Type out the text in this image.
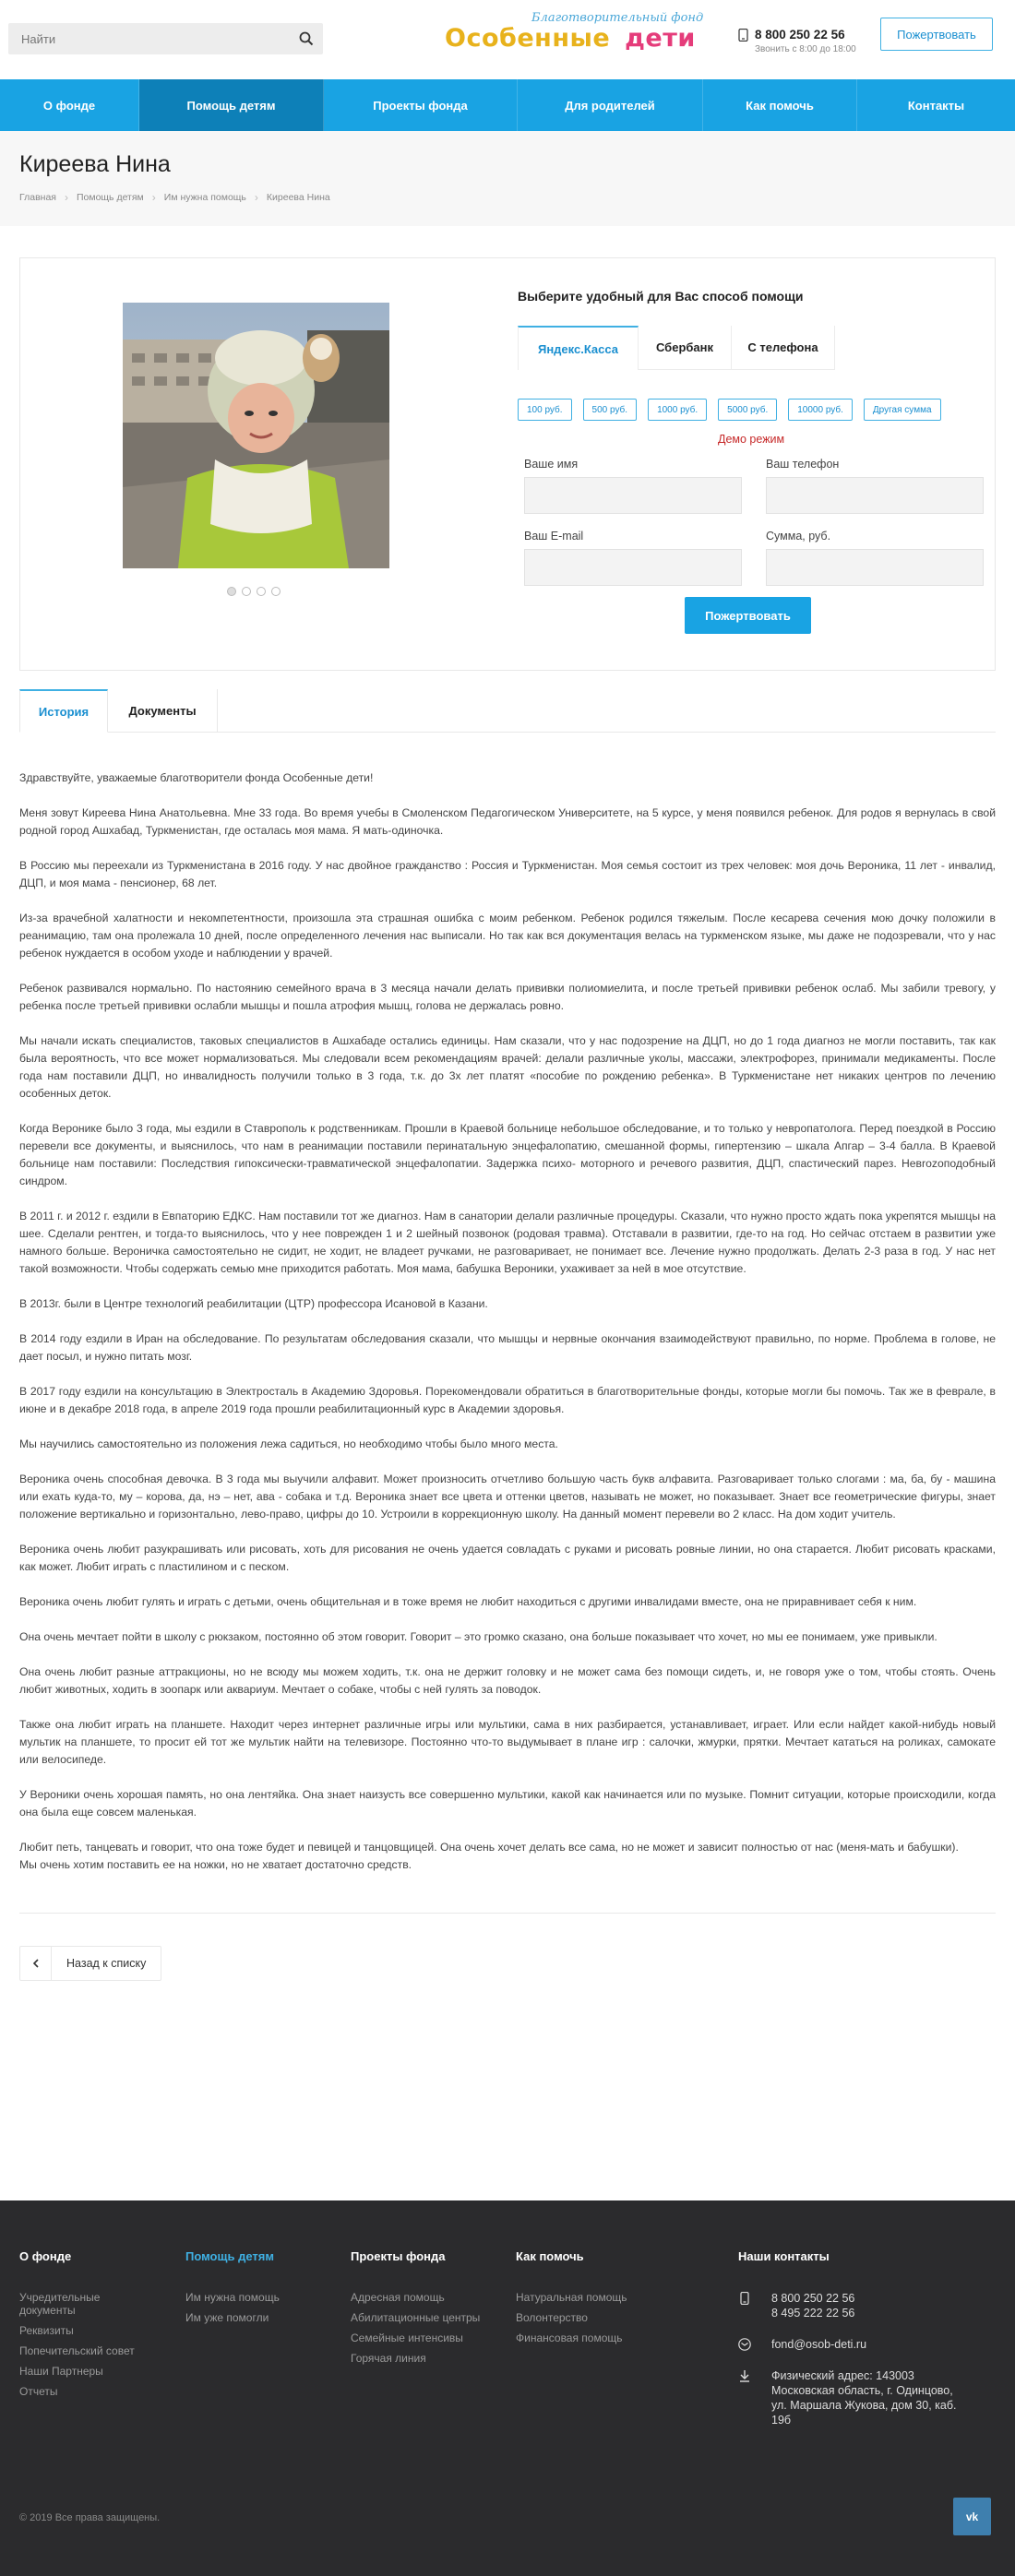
Найти
Благотворительный фонд
Особенные дети	8 800 250 22 56
Звонить с 8:00 до 18:00
Пожертвовать
О фонде	Помощь детям	Проекты фонда	Для родителей	Как помочь	Контакты
Киреева Нина
Главная › Помощь детям › Им нужна помощь › Киреева Нина
Выберите удобный для Вас способ помощи
Яндекс.Касса	Сбербанк	С телефона
100 руб.	500 руб.	1000 руб.	5000 руб.	10000 руб.	Другая сумма
Демо режим
Ваше имя	Ваш телефон
Ваш E-mail	Сумма, руб.
Пожертвовать
История	Документы

Здравствуйте, уважаемые благотворители фонда Особенные дети!

Меня зовут Киреева Нина Анатольевна. Мне 33 года. Во время учебы в Смоленском Педагогическом Университете, на 5 курсе, у меня появился ребенок. Для родов я вернулась в свой родной город Ашхабад, Туркменистан, где осталась моя мама. Я мать-одиночка.

В Россию мы переехали из Туркменистана в 2016 году. У нас двойное гражданство : Россия и Туркменистан. Моя семья состоит из трех человек: моя дочь Вероника, 11 лет - инвалид, ДЦП, и моя мама - пенсионер, 68 лет.

Из-за врачебной халатности и некомпетентности, произошла эта страшная ошибка с моим ребенком. Ребенок родился тяжелым. После кесарева сечения мою дочку положили в реанимацию, там она пролежала 10 дней, после определенного лечения нас выписали. Но так как вся документация велась на туркменском языке, мы даже не подозревали, что у нас ребенок нуждается в особом уходе и наблюдении у врачей.

Ребенок развивался нормально. По настоянию семейного врача в 3 месяца начали делать прививки полиомиелита, и после третьей прививки ребенок ослаб. Мы забили тревогу, у ребенка после третьей прививки ослабли мышцы и пошла атрофия мышц, голова не держалась ровно.

Мы начали искать специалистов, таковых специалистов в Ашхабаде остались единицы. Нам сказали, что у нас подозрение на ДЦП, но до 1 года диагноз не могли поставить, так как была вероятность, что все может нормализоваться. Мы следовали всем рекомендациям врачей: делали различные уколы, массажи, электрофорез, принимали медикаменты. После года нам поставили ДЦП, но инвалидность получили только в 3 года, т.к. до 3х лет платят «пособие по рождению ребенка». В Туркменистане нет никаких центров по лечению особенных деток.

Когда Веронике было 3 года, мы ездили в Ставрополь к родственникам. Прошли в Краевой больнице небольшое обследование, и то только у невропатолога. Перед поездкой в Россию перевели все документы, и выяснилось, что нам в реанимации поставили перинатальную энцефалопатию, смешанной формы, гипертензию – шкала Апгар – 3-4 балла. В Краевой больнице нам поставили: Последствия гипоксически-травматической энцефалопатии. Задержка психо- моторного и речевого развития, ДЦП, спастический парез. Невrozоподобный синдром.

В 2011 г. и 2012 г. ездили в Евпаторию ЕДКС. Нам поставили тот же диагноз. Нам в санатории делали различные процедуры. Сказали, что нужно просто ждать пока укрепятся мышцы на шее. Сделали рентген, и тогда-то выяснилось, что у нее поврежден 1 и 2 шейный позвонок (родовая травма). Отставали в развитии, где-то на год. Но сейчас отстаем в развитии уже намного больше. Вероничка самостоятельно не сидит, не ходит, не владеет ручками, не разговаривает, не понимает все. Лечение нужно продолжать. Делать 2-3 раза в год. У нас нет такой возможности. Чтобы содержать семью мне приходится работать. Моя мама, бабушка Вероники, ухаживает за ней в мое отсутствие.

В 2013г. были в Центре технологий реабилитации (ЦТР) профессора Исановой в Казани.

В 2014 году ездили в Иран на обследование. По результатам обследования сказали, что мышцы и нервные окончания взаимодействуют правильно, по норме. Проблема в голове, не дает посыл, и нужно питать мозг.

В 2017 году ездили на консультацию в Электросталь в Академию Здоровья. Порекомендовали обратиться в благотворительные фонды, которые могли бы помочь. Так же в феврале, в июне и в декабре 2018 года, в апреле 2019 года прошли реабилитационный курс в Академии здоровья.

Мы научились самостоятельно из положения лежа садиться, но необходимо чтобы было много места.

Вероника очень способная девочка. В 3 года мы выучили алфавит. Может произносить отчетливо большую часть букв алфавита. Разговаривает только слогами : ма, ба, бу - машина или ехать куда-то, му – корова, да, нэ – нет, ава - собака и т.д. Вероника знает все цвета и оттенки цветов, называть не может, но показывает. Знает все геометрические фигуры, знает положение вертикально и горизонтально, лево-право, цифры до 10. Устроили в коррекционную школу. На данный момент перевели во 2 класс. На дом ходит учитель.

Вероника очень любит разукрашивать или рисовать, хоть для рисования не очень удается совладать с руками и рисовать ровные линии, но она старается. Любит рисовать красками, как может. Любит играть с пластилином и с песком.

Вероника очень любит гулять и играть с детьми, очень общительная и в тоже время не любит находиться с другими инвалидами вместе, она не приравнивает себя к ним.

Она очень мечтает пойти в школу с рюкзаком, постоянно об этом говорит. Говорит – это громко сказано, она больше показывает что хочет, но мы ее понимаем, уже привыкли.

Она очень любит разные аттракционы, но не всюду мы можем ходить, т.к. она не держит головку и не может сама без помощи сидеть, и, не говоря уже о том, чтобы стоять. Очень любит животных, ходить в зоопарк или аквариум. Мечтает о собаке, чтобы с ней гулять за поводок.

Также она любит играть на планшете. Находит через интернет различные игры или мультики, сама в них разбирается, устанавливает, играет. Или если найдет какой-нибудь новый мультик на планшете, то просит ей тот же мультик найти на телевизоре. Постоянно что-то выдумывает в плане игр : салочки, жмурки, прятки. Мечтает кататься на роликах, самокате или велосипеде.

У Вероники очень хорошая память, но она лентяйка. Она знает наизусть все совершенно мультики, какой как начинается или по музыке. Помнит ситуации, которые происходили, когда она была еще совсем маленькая.

Любит петь, танцевать и говорит, что она тоже будет и певицей и танцовщицей. Она очень хочет делать все сама, но не может и зависит полностью от нас (меня-мать и бабушки).
Мы очень хотим поставить ее на ножки, но не хватает достаточно средств.

Назад к списку
О фонде
Учредительные документы
Реквизиты
Попечительский совет
Наши Партнеры
Отчеты
Помощь детям
Им нужна помощь
Им уже помогли
Проекты фонда
Адресная помощь
Абилитационные центры
Семейные интенсивы
Горячая линия
Как помочь
Натуральная помощь
Волонтерство
Финансовая помощь
Наши контакты
8 800 250 22 56
8 495 222 22 56
fond@osob-deti.ru
Физический адрес: 143003 Московская область, г. Одинцово, ул. Маршала Жукова, дом 30, каб. 19б
© 2019 Все права защищены.	vk
